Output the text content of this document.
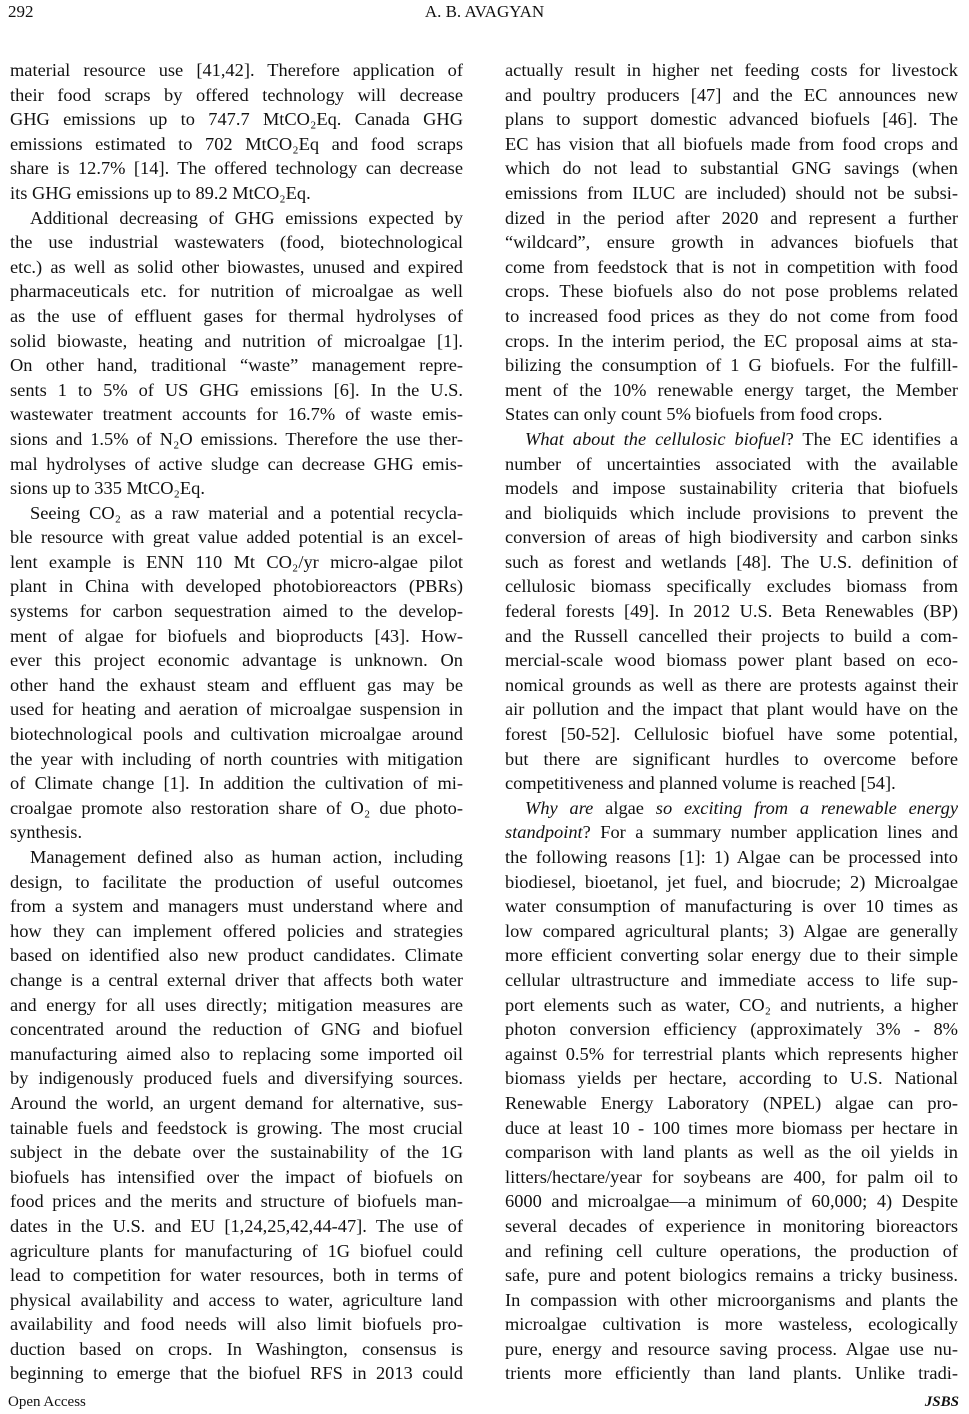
292	A. B. AVAGYAN
material resource use [41,42]. Therefore application of
their food scraps by offered technology will decrease
GHG emissions up to 747.7 MtCO₂Eq. Canada GHG
emissions estimated to 702 MtCO₂Eq and food scraps
share is 12.7% [14]. The offered technology can decrease
its GHG emissions up to 89.2 MtCO₂Eq.
Additional decreasing of GHG emissions expected by
the use industrial wastewaters (food, biotechnological
etc.) as well as solid other biowastes, unused and expired
pharmaceuticals etc. for nutrition of microalgae as well
as the use of effluent gases for thermal hydrolyses of
solid biowaste, heating and nutrition of microalgae [1].
On other hand, traditional “waste” management repre-
sents 1 to 5% of US GHG emissions [6]. In the U.S.
wastewater treatment accounts for 16.7% of waste emis-
sions and 1.5% of N₂O emissions. Therefore the use ther-
mal hydrolyses of active sludge can decrease GHG emis-
sions up to 335 MtCO₂Eq.
Seeing CO₂ as a raw material and a potential recycla-
ble resource with great value added potential is an excel-
lent example is ENN 110 Mt CO₂/yr micro-algae pilot
plant in China with developed photobioreactors (PBRs)
systems for carbon sequestration aimed to the develop-
ment of algae for biofuels and bioproducts [43]. How-
ever this project economic advantage is unknown. On
other hand the exhaust steam and effluent gas may be
used for heating and aeration of microalgae suspension in
biotechnological pools and cultivation microalgae around
the year with including of north countries with mitigation
of Climate change [1]. In addition the cultivation of mi-
croalgae promote also restoration share of O₂ due photo-
synthesis.
Management defined also as human action, including
design, to facilitate the production of useful outcomes
from a system and managers must understand where and
how they can implement offered policies and strategies
based on identified also new product candidates. Climate
change is a central external driver that affects both water
and energy for all uses directly; mitigation measures are
concentrated around the reduction of GNG and biofuel
manufacturing aimed also to replacing some imported oil
by indigenously produced fuels and diversifying sources.
Around the world, an urgent demand for alternative, sus-
tainable fuels and feedstock is growing. The most crucial
subject in the debate over the sustainability of the 1G
biofuels has intensified over the impact of biofuels on
food prices and the merits and structure of biofuels man-
dates in the U.S. and EU [1,24,25,42,44-47]. The use of
agriculture plants for manufacturing of 1G biofuel could
lead to competition for water resources, both in terms of
physical availability and access to water, agriculture land
availability and food needs will also limit biofuels pro-
duction based on crops. In Washington, consensus is
beginning to emerge that the biofuel RFS in 2013 could
actually result in higher net feeding costs for livestock
and poultry producers [47] and the EC announces new
plans to support domestic advanced biofuels [46]. The
EC has vision that all biofuels made from food crops and
which do not lead to substantial GNG savings (when
emissions from ILUC are included) should not be subsi-
dized in the period after 2020 and represent a further
“wildcard”, ensure growth in advances biofuels that
come from feedstock that is not in competition with food
crops. These biofuels also do not pose problems related
to increased food prices as they do not come from food
crops. In the interim period, the EC proposal aims at sta-
bilizing the consumption of 1 G biofuels. For the fulfill-
ment of the 10% renewable energy target, the Member
States can only count 5% biofuels from food crops.
What about the cellulosic biofuel? The EC identifies a
number of uncertainties associated with the available
models and impose sustainability criteria that biofuels
and bioliquids which include provisions to prevent the
conversion of areas of high biodiversity and carbon sinks
such as forest and wetlands [48]. The U.S. definition of
cellulosic biomass specifically excludes biomass from
federal forests [49]. In 2012 U.S. Beta Renewables (BP)
and the Russell cancelled their projects to build a com-
mercial-scale wood biomass power plant based on eco-
nomical grounds as well as there are protests against their
air pollution and the impact that plant would have on the
forest [50-52]. Cellulosic biofuel have some potential,
but there are significant hurdles to overcome before
competitiveness and planned volume is reached [54].
Why are algae so exciting from a renewable energy
standpoint? For a summary number application lines and
the following reasons [1]: 1) Algae can be processed into
biodiesel, bioetanol, jet fuel, and biocrude; 2) Microalgae
water consumption of manufacturing is over 10 times as
low compared agricultural plants; 3) Algae are generally
more efficient converting solar energy due to their simple
cellular ultrastructure and immediate access to life sup-
port elements such as water, CO₂ and nutrients, a higher
photon conversion efficiency (approximately 3% - 8%
against 0.5% for terrestrial plants which represents higher
biomass yields per hectare, according to U.S. National
Renewable Energy Laboratory (NPEL) algae can pro-
duce at least 10 - 100 times more biomass per hectare in
comparison with land plants as well as the oil yields in
litters/hectare/year for soybeans are 400, for palm oil to
6000 and microalgae—a minimum of 60,000; 4) Despite
several decades of experience in monitoring bioreactors
and refining cell culture operations, the production of
safe, pure and potent biologics remains a tricky business.
In compassion with other microorganisms and plants the
microalgae cultivation is more wasteless, ecologically
pure, energy and resource saving process. Algae use nu-
trients more efficiently than land plants. Unlike tradi-
Open Access	JSBS
